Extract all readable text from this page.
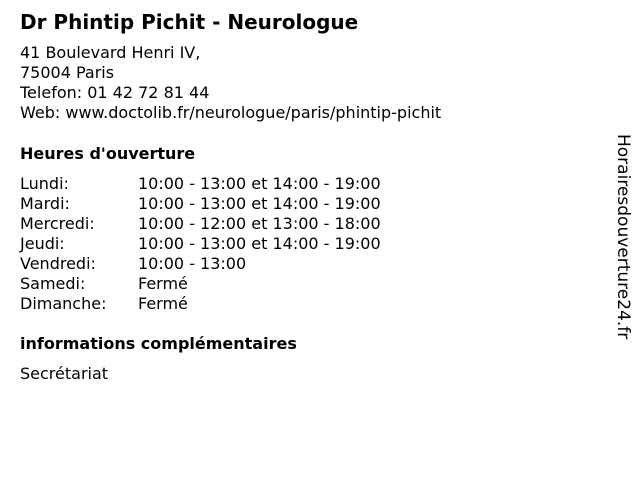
Dr Phintip Pichit - Neurologue
41 Boulevard Henri IV,
75004 Paris
Telefon: 01 42 72 81 44
Web: www.doctolib.fr/neurologue/paris/phintip-pichit
Heures d'ouverture
Lundi:	10:00 - 13:00 et 14:00 - 19:00
Mardi:	10:00 - 13:00 et 14:00 - 19:00
Mercredi:	10:00 - 12:00 et 13:00 - 18:00
Jeudi:	10:00 - 13:00 et 14:00 - 19:00
Vendredi:	10:00 - 13:00
Samedi:	Fermé
Dimanche: Fermé
informations complémentaires
Secrétariat
Horairesdouverture24.fr
